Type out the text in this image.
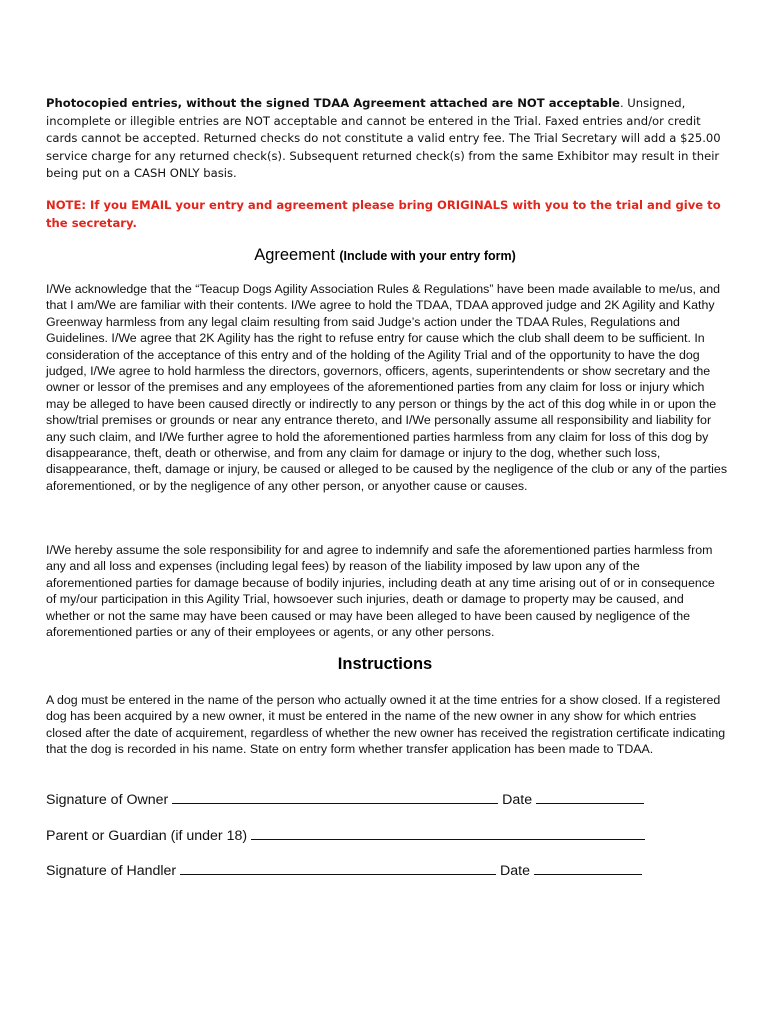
Photocopied entries, without the signed TDAA Agreement attached are NOT acceptable. Unsigned, incomplete or illegible entries are NOT acceptable and cannot be entered in the Trial. Faxed entries and/or credit cards cannot be accepted. Returned checks do not constitute a valid entry fee. The Trial Secretary will add a $25.00 service charge for any returned check(s). Subsequent returned check(s) from the same Exhibitor may result in their being put on a CASH ONLY basis.

NOTE: If you EMAIL your entry and agreement please bring ORIGINALS with you to the trial and give to the secretary.

Agreement (Include with your entry form)

I/We acknowledge that the “Teacup Dogs Agility Association Rules & Regulations” have been made available to me/us, and that I am/We are familiar with their contents. I/We agree to hold the TDAA, TDAA approved judge and 2K Agility and Kathy Greenway harmless from any legal claim resulting from said Judge’s action under the TDAA Rules, Regulations and Guidelines. I/We agree that 2K Agility has the right to refuse entry for cause which the club shall deem to be sufficient. In consideration of the acceptance of this entry and of the holding of the Agility Trial and of the opportunity to have the dog judged, I/We agree to hold harmless the directors, governors, officers, agents, superintendents or show secretary and the owner or lessor of the premises and any employees of the aforementioned parties from any claim for loss or injury which may be alleged to have been caused directly or indirectly to any person or things by the act of this dog while in or upon the show/trial premises or grounds or near any entrance thereto, and I/We personally assume all responsibility and liability for any such claim, and I/We further agree to hold the aforementioned parties harmless from any claim for loss of this dog by disappearance, theft, death or otherwise, and from any claim for damage or injury to the dog, whether such loss, disappearance, theft, damage or injury, be caused or alleged to be caused by the negligence of the club or any of the parties aforementioned, or by the negligence of any other person, or anyother cause or causes.

I/We hereby assume the sole responsibility for and agree to indemnify and safe the aforementioned parties harmless from any and all loss and expenses (including legal fees) by reason of the liability imposed by law upon any of the aforementioned parties for damage because of bodily injuries, including death at any time arising out of or in consequence of my/our participation in this Agility Trial, howsoever such injuries, death or damage to property may be caused, and whether or not the same may have been caused or may have been alleged to have been caused by negligence of the aforementioned parties or any of their employees or agents, or any other persons.

Instructions

A dog must be entered in the name of the person who actually owned it at the time entries for a show closed. If a registered dog has been acquired by a new owner, it must be entered in the name of the new owner in any show for which entries closed after the date of acquirement, regardless of whether the new owner has received the registration certificate indicating that the dog is recorded in his name. State on entry form whether transfer application has been made to TDAA.

Signature of Owner	Date
Parent or Guardian (if under 18)
Signature of Handler	Date
